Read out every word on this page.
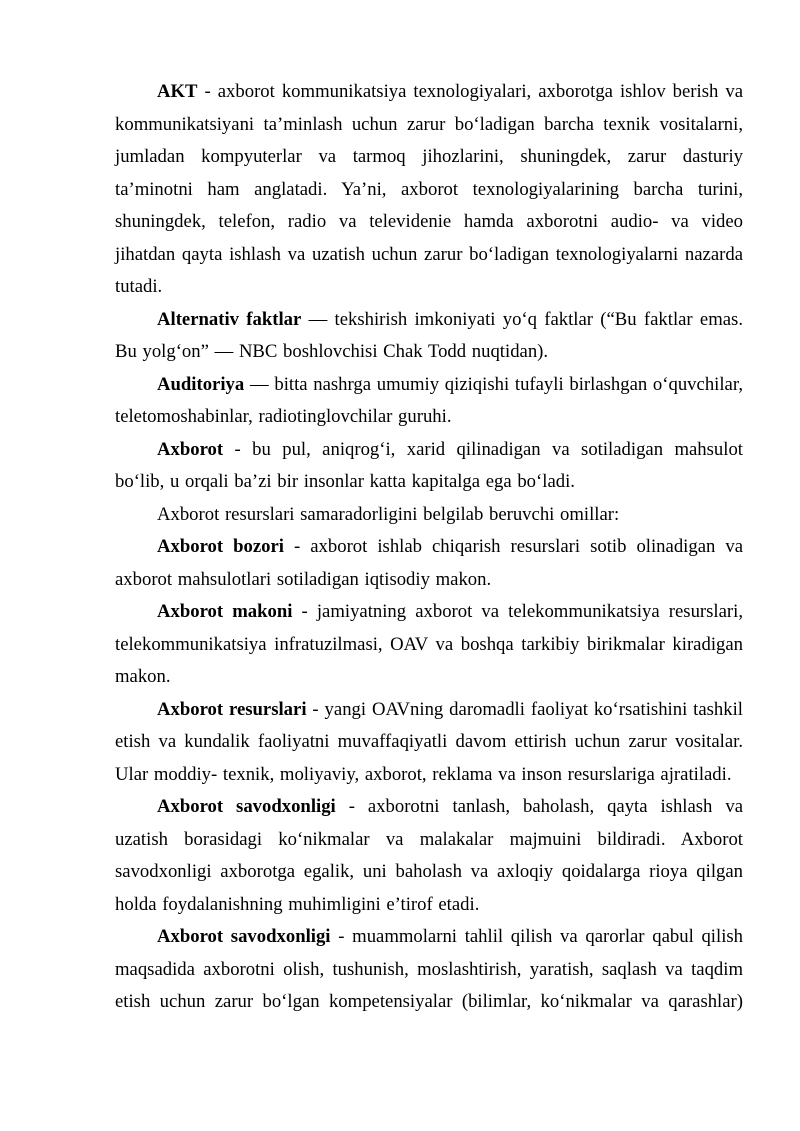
AKT - axborot kommunikatsiya texnologiyalari, axborotga ishlov berish va kommunikatsiyani ta’minlash uchun zarur bo‘ladigan barcha texnik vositalarni, jumladan kompyuterlar va tarmoq jihozlarini, shuningdek, zarur dasturiy ta’minotni ham anglatadi. Ya’ni, axborot texnologiyalarining barcha turini, shuningdek, telefon, radio va televidenie hamda axborotni audio- va video jihatdan qayta ishlash va uzatish uchun zarur bo‘ladigan texnologiyalarni nazarda tutadi.

Alternativ faktlar — tekshirish imkoniyati yo‘q faktlar (“Bu faktlar emas. Bu yolg‘on” — NBC boshlovchisi Chak Todd nuqtidan).

Auditoriya — bitta nashrga umumiy qiziqishi tufayli birlashgan o‘quvchilar, teletomoshabinlar, radiotinglovchilar guruhi.

Axborot - bu pul, aniqrog‘i, xarid qilinadigan va sotiladigan mahsulot bo‘lib, u orqali ba’zi bir insonlar katta kapitalga ega bo‘ladi.

Axborot resurslari samaradorligini belgilab beruvchi omillar:

Axborot bozori - axborot ishlab chiqarish resurslari sotib olinadigan va axborot mahsulotlari sotiladigan iqtisodiy makon.

Axborot makoni - jamiyatning axborot va telekommunikatsiya resurslari, telekommunikatsiya infratuzilmasi, OAV va boshqa tarkibiy birikmalar kiradigan makon.

Axborot resurslari - yangi OAVning daromadli faoliyat ko‘rsatishini tashkil etish va kundalik faoliyatni muvaffaqiyatli davom ettirish uchun zarur vositalar. Ular moddiy- texnik, moliyaviy, axborot, reklama va inson resurslariga ajratiladi.

Axborot savodxonligi - axborotni tanlash, baholash, qayta ishlash va uzatish borasidagi ko‘nikmalar va malakalar majmuini bildiradi. Axborot savodxonligi axborotga egalik, uni baholash va axloqiy qoidalarga rioya qilgan holda foydalanishning muhimligini e’tirof etadi.

Axborot savodxonligi - muammolarni tahlil qilish va qarorlar qabul qilish maqsadida axborotni olish, tushunish, moslashtirish, yaratish, saqlash va taqdim etish uchun zarur bo‘lgan kompetensiyalar (bilimlar, ko‘nikmalar va qarashlar)
